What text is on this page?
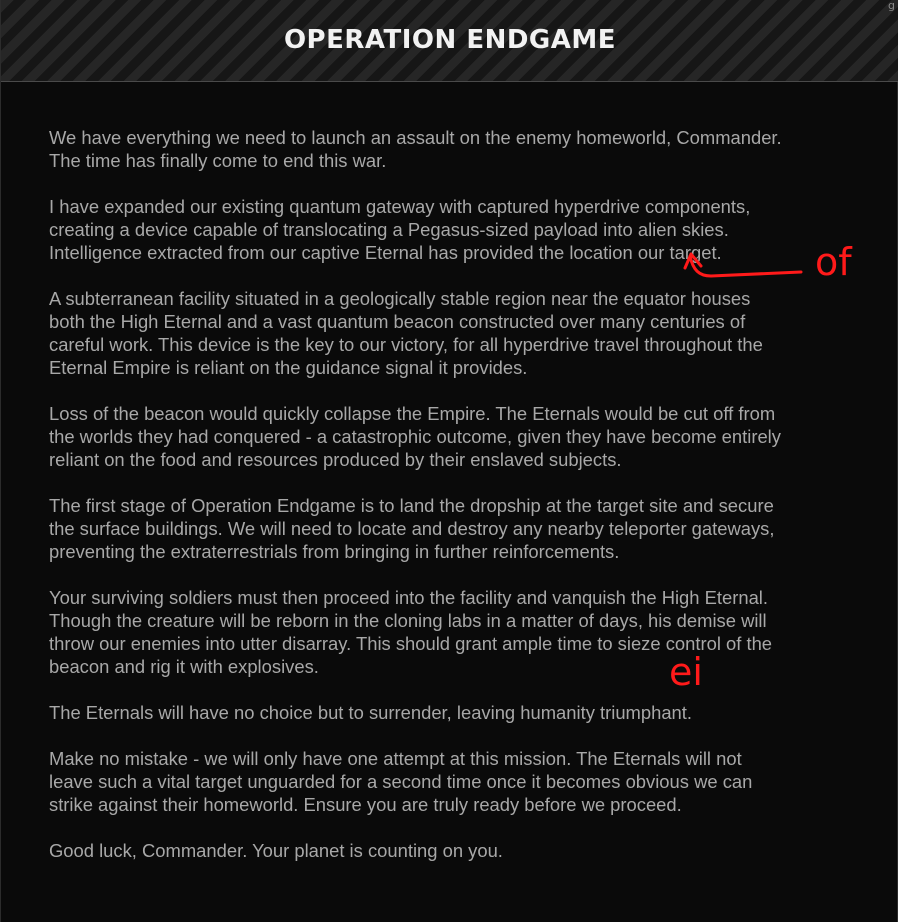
OPERATION ENDGAME
g

We have everything we need to launch an assault on the enemy homeworld, Commander.
The time has finally come to end this war.

I have expanded our existing quantum gateway with captured hyperdrive components,
creating a device capable of translocating a Pegasus-sized payload into alien skies.
Intelligence extracted from our captive Eternal has provided the location our target.

A subterranean facility situated in a geologically stable region near the equator houses
both the High Eternal and a vast quantum beacon constructed over many centuries of
careful work. This device is the key to our victory, for all hyperdrive travel throughout the
Eternal Empire is reliant on the guidance signal it provides.

Loss of the beacon would quickly collapse the Empire. The Eternals would be cut off from
the worlds they had conquered - a catastrophic outcome, given they have become entirely
reliant on the food and resources produced by their enslaved subjects.

The first stage of Operation Endgame is to land the dropship at the target site and secure
the surface buildings. We will need to locate and destroy any nearby teleporter gateways,
preventing the extraterrestrials from bringing in further reinforcements.

Your surviving soldiers must then proceed into the facility and vanquish the High Eternal.
Though the creature will be reborn in the cloning labs in a matter of days, his demise will
throw our enemies into utter disarray. This should grant ample time to sieze control of the
beacon and rig it with explosives.

The Eternals will have no choice but to surrender, leaving humanity triumphant.

Make no mistake - we will only have one attempt at this mission. The Eternals will not
leave such a vital target unguarded for a second time once it becomes obvious we can
strike against their homeworld. Ensure you are truly ready before we proceed.

Good luck, Commander. Your planet is counting on you.

of
ei
